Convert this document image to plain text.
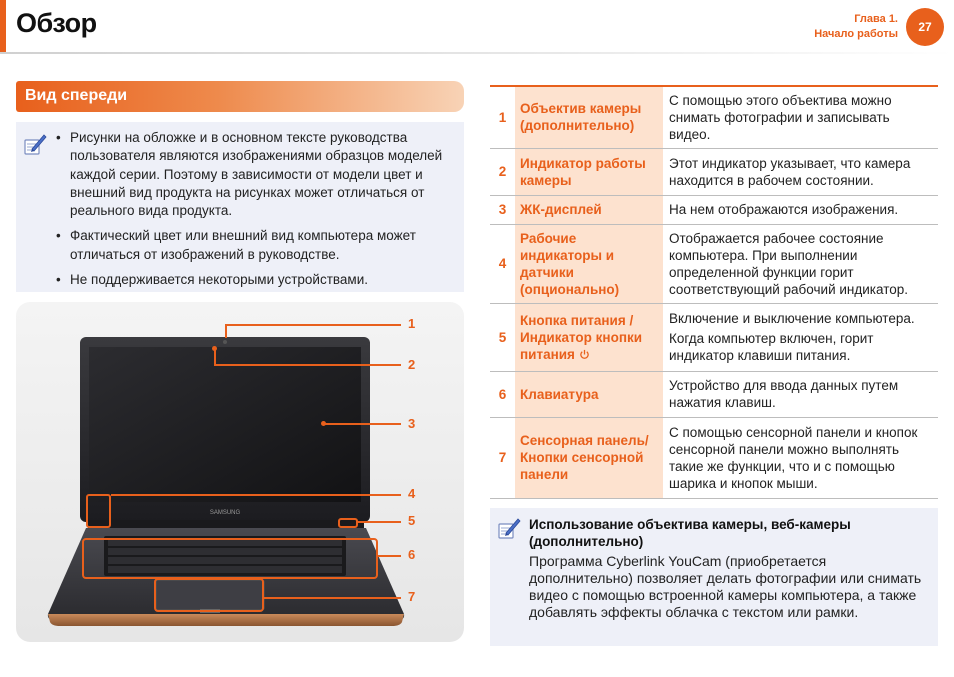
Обзор	Глава 1.
Начало работы	27
Вид спереди
• Рисунки на обложке и в основном тексте руководства пользователя являются изображениями образцов моделей каждой серии. Поэтому в зависимости от модели цвет и внешний вид продукта на рисунках может отличаться от реального вида продукта.
• Фактический цвет или внешний вид компьютера может отличаться от изображений в руководстве.
• Не поддерживается некоторыми устройствами.
SAMSUNG
1
2
3
4
5
6
7
1	Объектив камеры (дополнительно)	С помощью этого объектива можно снимать фотографии и записывать видео.

2	Индикатор работы камеры	Этот индикатор указывает, что камера находится в рабочем состоянии.

3	ЖК-дисплей	На нем отображаются изображения.

4	Рабочие индикаторы и датчики (опционально)	Отображается рабочее состояние компьютера. При выполнении определенной функции горит соответствующий рабочий индикатор.

5	Кнопка питания / Индикатор кнопки питания	Включение и выключение компьютера.

Когда компьютер включен, горит индикатор клавиши питания.

6	Клавиатура	Устройство для ввода данных путем нажатия клавиш.

7	Сенсорная панель/ Кнопки сенсорной панели	С помощью сенсорной панели и кнопок сенсорной панели можно выполнять такие же функции, что и с помощью шарика и кнопок мыши.

Использование объектива камеры, веб-камеры (дополнительно)
Программа Cyberlink YouCam (приобретается дополнительно) позволяет делать фотографии или снимать видео с помощью встроенной камеры компьютера, а также добавлять эффекты облачка с текстом или рамки.
